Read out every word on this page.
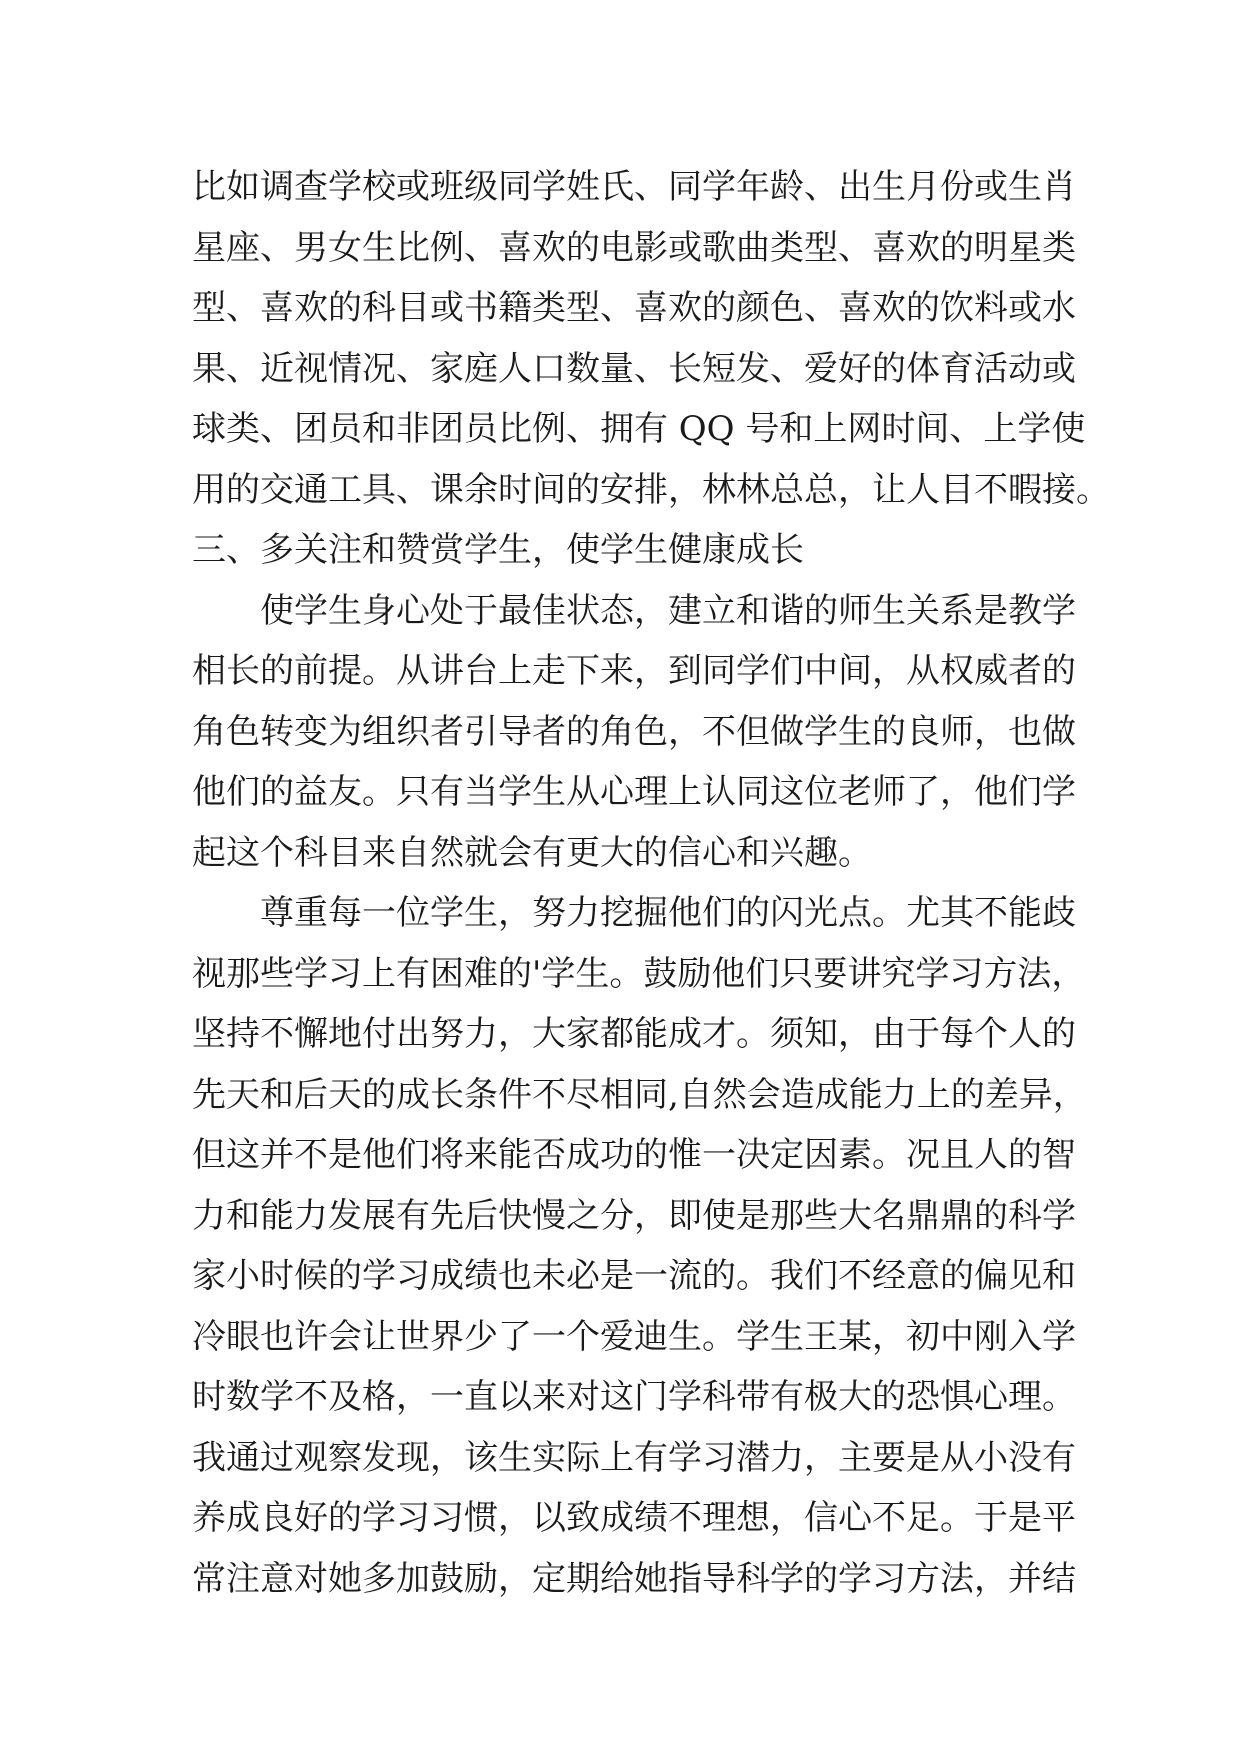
比如调查学校或班级同学姓氏、同学年龄、出生月份或生肖
星座、男女生比例、喜欢的电影或歌曲类型、喜欢的明星类
型、喜欢的科目或书籍类型、喜欢的颜色、喜欢的饮料或水
果、近视情况、家庭人口数量、长短发、爱好的体育活动或
球类、团员和非团员比例、拥有 QQ 号和上网时间、上学使
用的交通工具、课余时间的安排，林林总总，让人目不暇接。
三、多关注和赞赏学生，使学生健康成长
使学生身心处于最佳状态，建立和谐的师生关系是教学
相长的前提。从讲台上走下来，到同学们中间，从权威者的
角色转变为组织者引导者的角色，不但做学生的良师，也做
他们的益友。只有当学生从心理上认同这位老师了，他们学
起这个科目来自然就会有更大的信心和兴趣。
尊重每一位学生，努力挖掘他们的闪光点。尤其不能歧
视那些学习上有困难的'学生。鼓励他们只要讲究学习方法，
坚持不懈地付出努力，大家都能成才。须知，由于每个人的
先天和后天的成长条件不尽相同,自然会造成能力上的差异，
但这并不是他们将来能否成功的惟一决定因素。况且人的智
力和能力发展有先后快慢之分，即使是那些大名鼎鼎的科学
家小时候的学习成绩也未必是一流的。我们不经意的偏见和
冷眼也许会让世界少了一个爱迪生。学生王某，初中刚入学
时数学不及格，一直以来对这门学科带有极大的恐惧心理。
我通过观察发现，该生实际上有学习潜力，主要是从小没有
养成良好的学习习惯，以致成绩不理想，信心不足。于是平
常注意对她多加鼓励，定期给她指导科学的学习方法，并结
